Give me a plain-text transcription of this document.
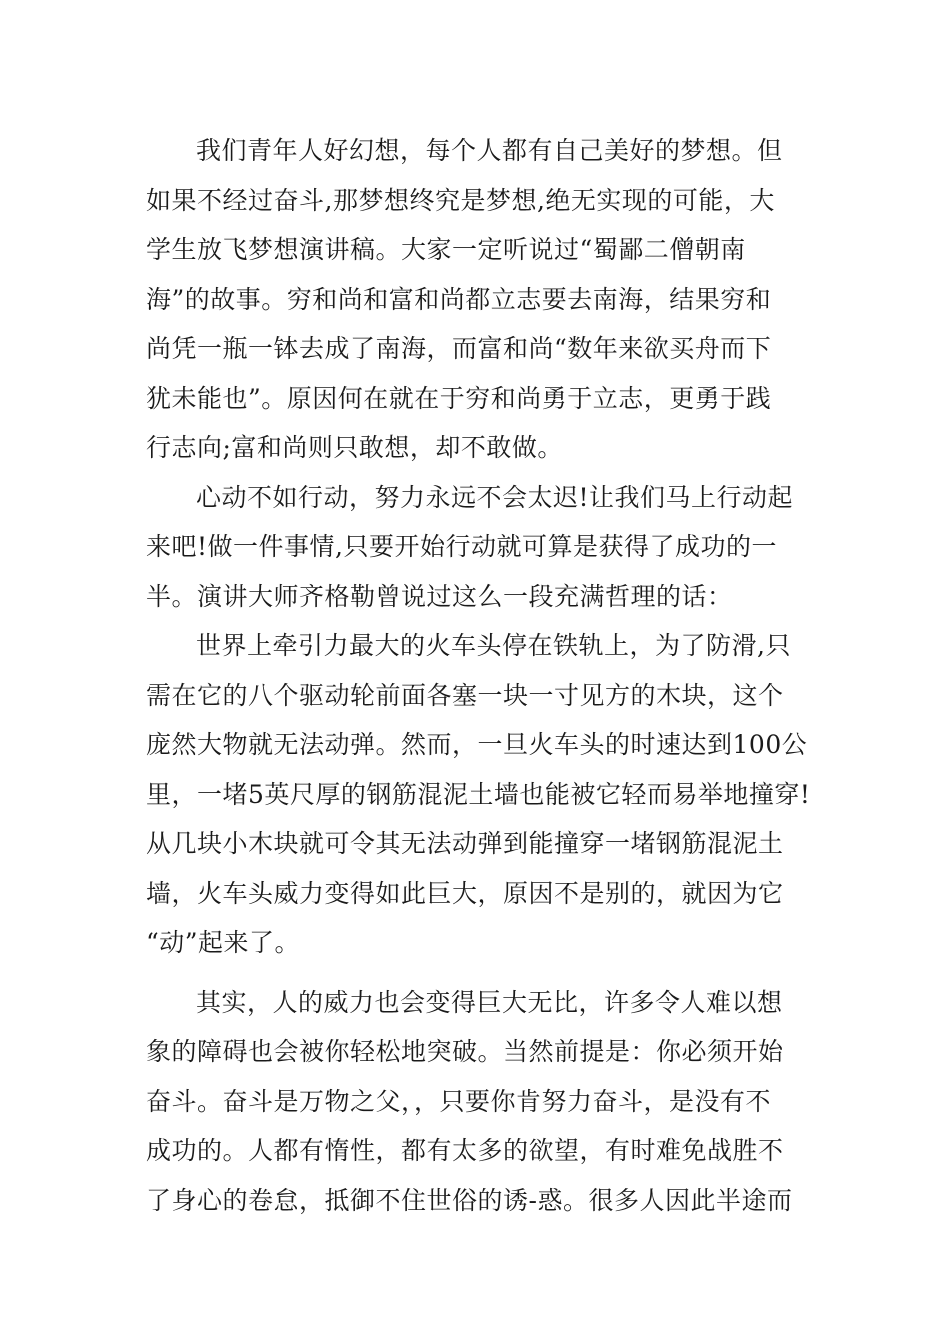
我们青年人好幻想，每个人都有自己美好的梦想。但
如果不经过奋斗,那梦想终究是梦想,绝无实现的可能，大
学生放飞梦想演讲稿。大家一定听说过“蜀鄙二僧朝南
海”的故事。穷和尚和富和尚都立志要去南海，结果穷和
尚凭一瓶一钵去成了南海，而富和尚“数年来欲买舟而下
犹未能也”。原因何在就在于穷和尚勇于立志，更勇于践
行志向;富和尚则只敢想，却不敢做。
心动不如行动，努力永远不会太迟!让我们马上行动起
来吧!做一件事情,只要开始行动就可算是获得了成功的一
半。演讲大师齐格勒曾说过这么一段充满哲理的话：
世界上牵引力最大的火车头停在铁轨上，为了防滑,只
需在它的八个驱动轮前面各塞一块一寸见方的木块，这个
庞然大物就无法动弹。然而，一旦火车头的时速达到100公
里，一堵5英尺厚的钢筋混泥土墙也能被它轻而易举地撞穿!
从几块小木块就可令其无法动弹到能撞穿一堵钢筋混泥土
墙，火车头威力变得如此巨大，原因不是别的，就因为它
“动”起来了。
其实，人的威力也会变得巨大无比，许多令人难以想
象的障碍也会被你轻松地突破。当然前提是：你必须开始
奋斗。奋斗是万物之父，，只要你肯努力奋斗，是没有不
成功的。人都有惰性，都有太多的欲望，有时难免战胜不
了身心的卷怠，抵御不住世俗的诱-惑。很多人因此半途而
